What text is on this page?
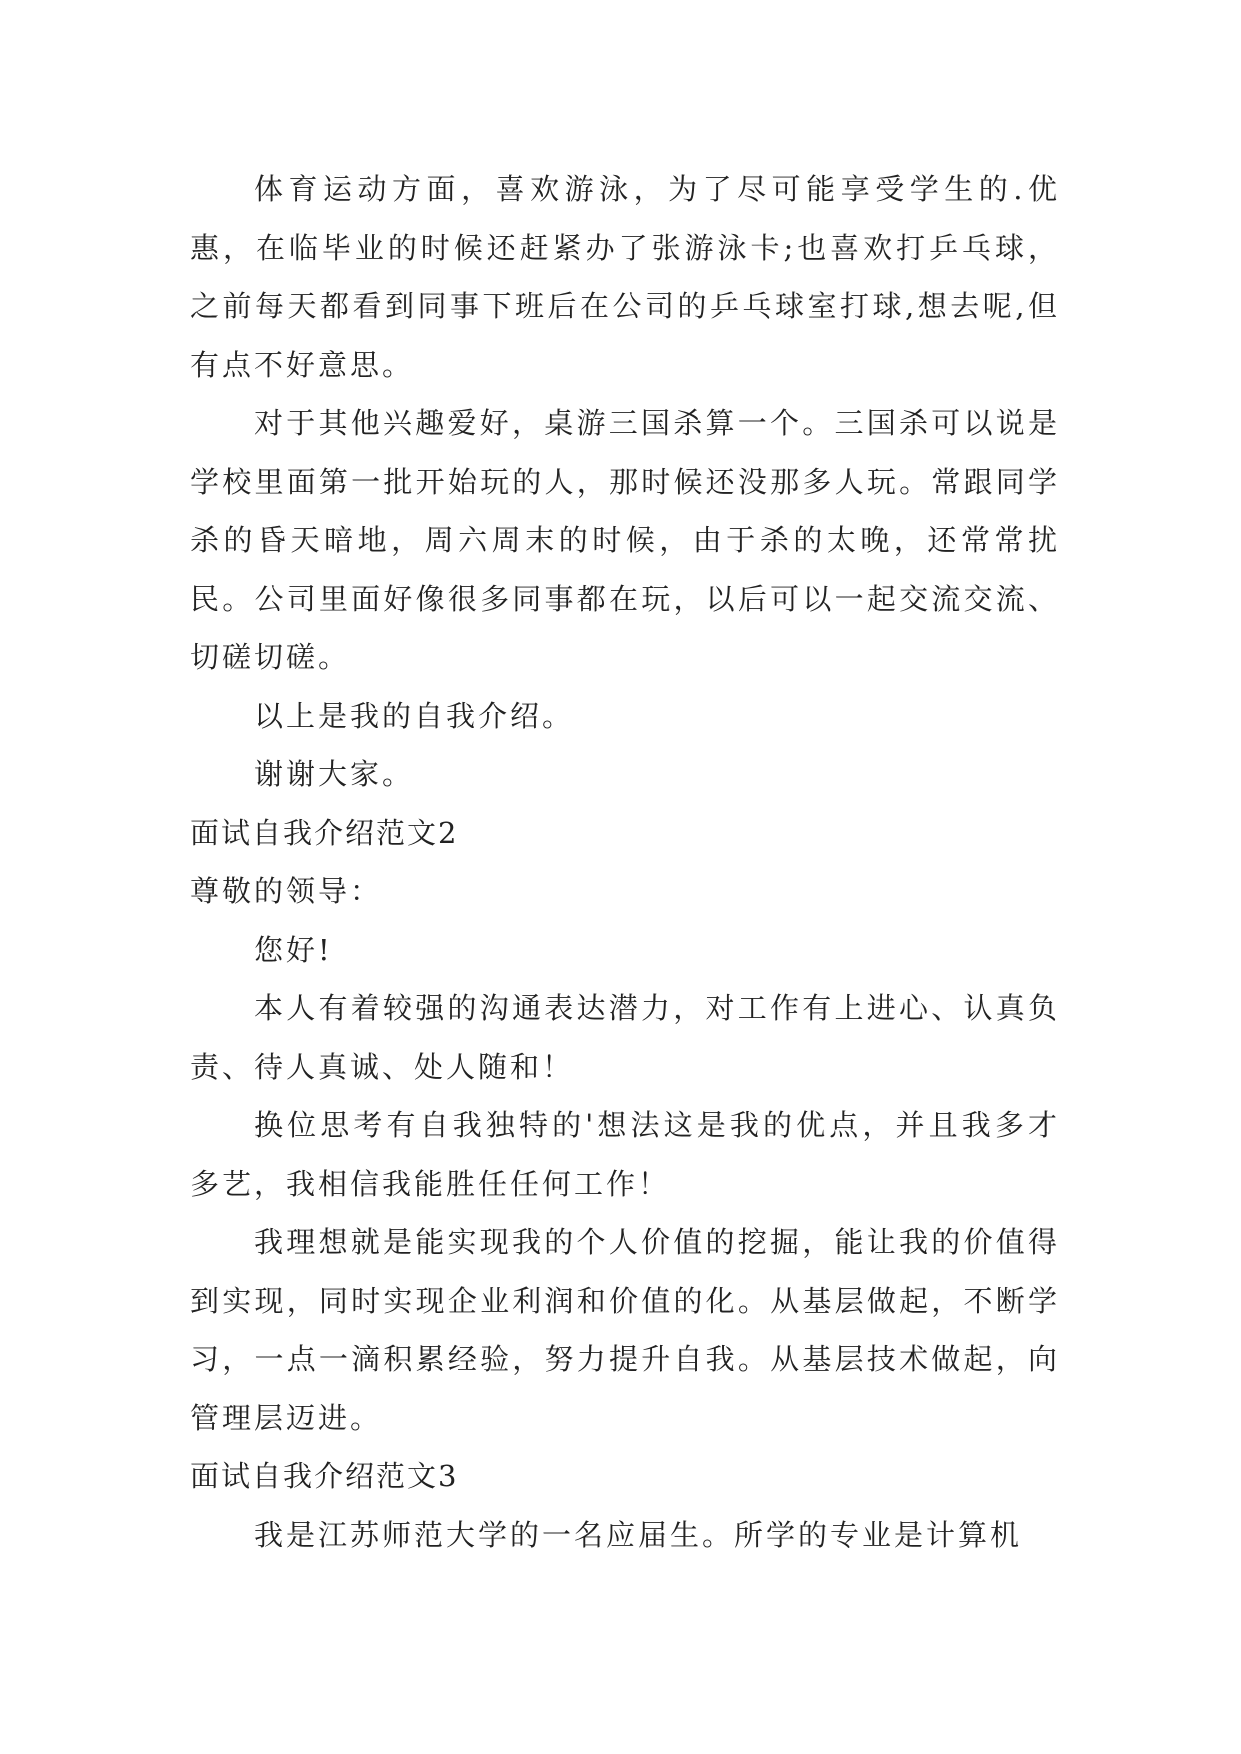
体育运动方面，喜欢游泳，为了尽可能享受学生的.优惠，在临毕业的时候还赶紧办了张游泳卡;也喜欢打乒乓球，之前每天都看到同事下班后在公司的乒乓球室打球,想去呢,但有点不好意思。

对于其他兴趣爱好，桌游三国杀算一个。三国杀可以说是学校里面第一批开始玩的人，那时候还没那多人玩。常跟同学杀的昏天暗地，周六周末的时候，由于杀的太晚，还常常扰民。公司里面好像很多同事都在玩，以后可以一起交流交流、切磋切磋。

以上是我的自我介绍。

谢谢大家。

面试自我介绍范文2

尊敬的领导：

您好!

本人有着较强的沟通表达潜力，对工作有上进心、认真负责、待人真诚、处人随和！

换位思考有自我独特的'想法这是我的优点，并且我多才多艺，我相信我能胜任任何工作！

我理想就是能实现我的个人价值的挖掘，能让我的价值得到实现，同时实现企业利润和价值的化。从基层做起，不断学习，一点一滴积累经验，努力提升自我。从基层技术做起，向管理层迈进。

面试自我介绍范文3

我是江苏师范大学的一名应届生。所学的专业是计算机
